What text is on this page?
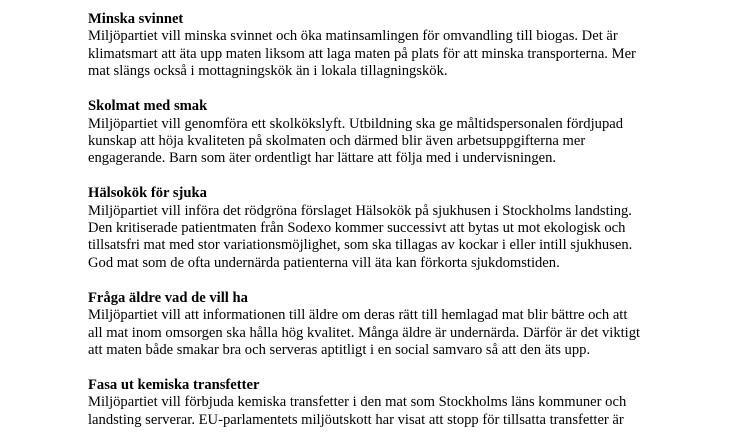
Minska svinnet

Miljöpartiet vill minska svinnet och öka matinsamlingen för omvandling till biogas. Det är

klimatsmart att äta upp maten liksom att laga maten på plats för att minska transporterna. Mer

mat slängs också i mottagningskök än i lokala tillagningskök.

Skolmat med smak

Miljöpartiet vill genomföra ett skolkökslyft. Utbildning ska ge måltidspersonalen fördjupad

kunskap att höja kvaliteten på skolmaten och därmed blir även arbetsuppgifterna mer

engagerande. Barn som äter ordentligt har lättare att följa med i undervisningen.

Hälsokök för sjuka

Miljöpartiet vill införa det rödgröna förslaget Hälsokök på sjukhusen i Stockholms landsting.

Den kritiserade patientmaten från Sodexo kommer successivt att bytas ut mot ekologisk och

tillsatsfri mat med stor variationsmöjlighet, som ska tillagas av kockar i eller intill sjukhusen.

God mat som de ofta undernärda patienterna vill äta kan förkorta sjukdomstiden.

Fråga äldre vad de vill ha

Miljöpartiet vill att informationen till äldre om deras rätt till hemlagad mat blir bättre och att

all mat inom omsorgen ska hålla hög kvalitet. Många äldre är undernärda. Därför är det viktigt

att maten både smakar bra och serveras aptitligt i en social samvaro så att den äts upp.

Fasa ut kemiska transfetter

Miljöpartiet vill förbjuda kemiska transfetter i den mat som Stockholms läns kommuner och

landsting serverar. EU-parlamentets miljöutskott har visat att stopp för tillsatta transfetter är
